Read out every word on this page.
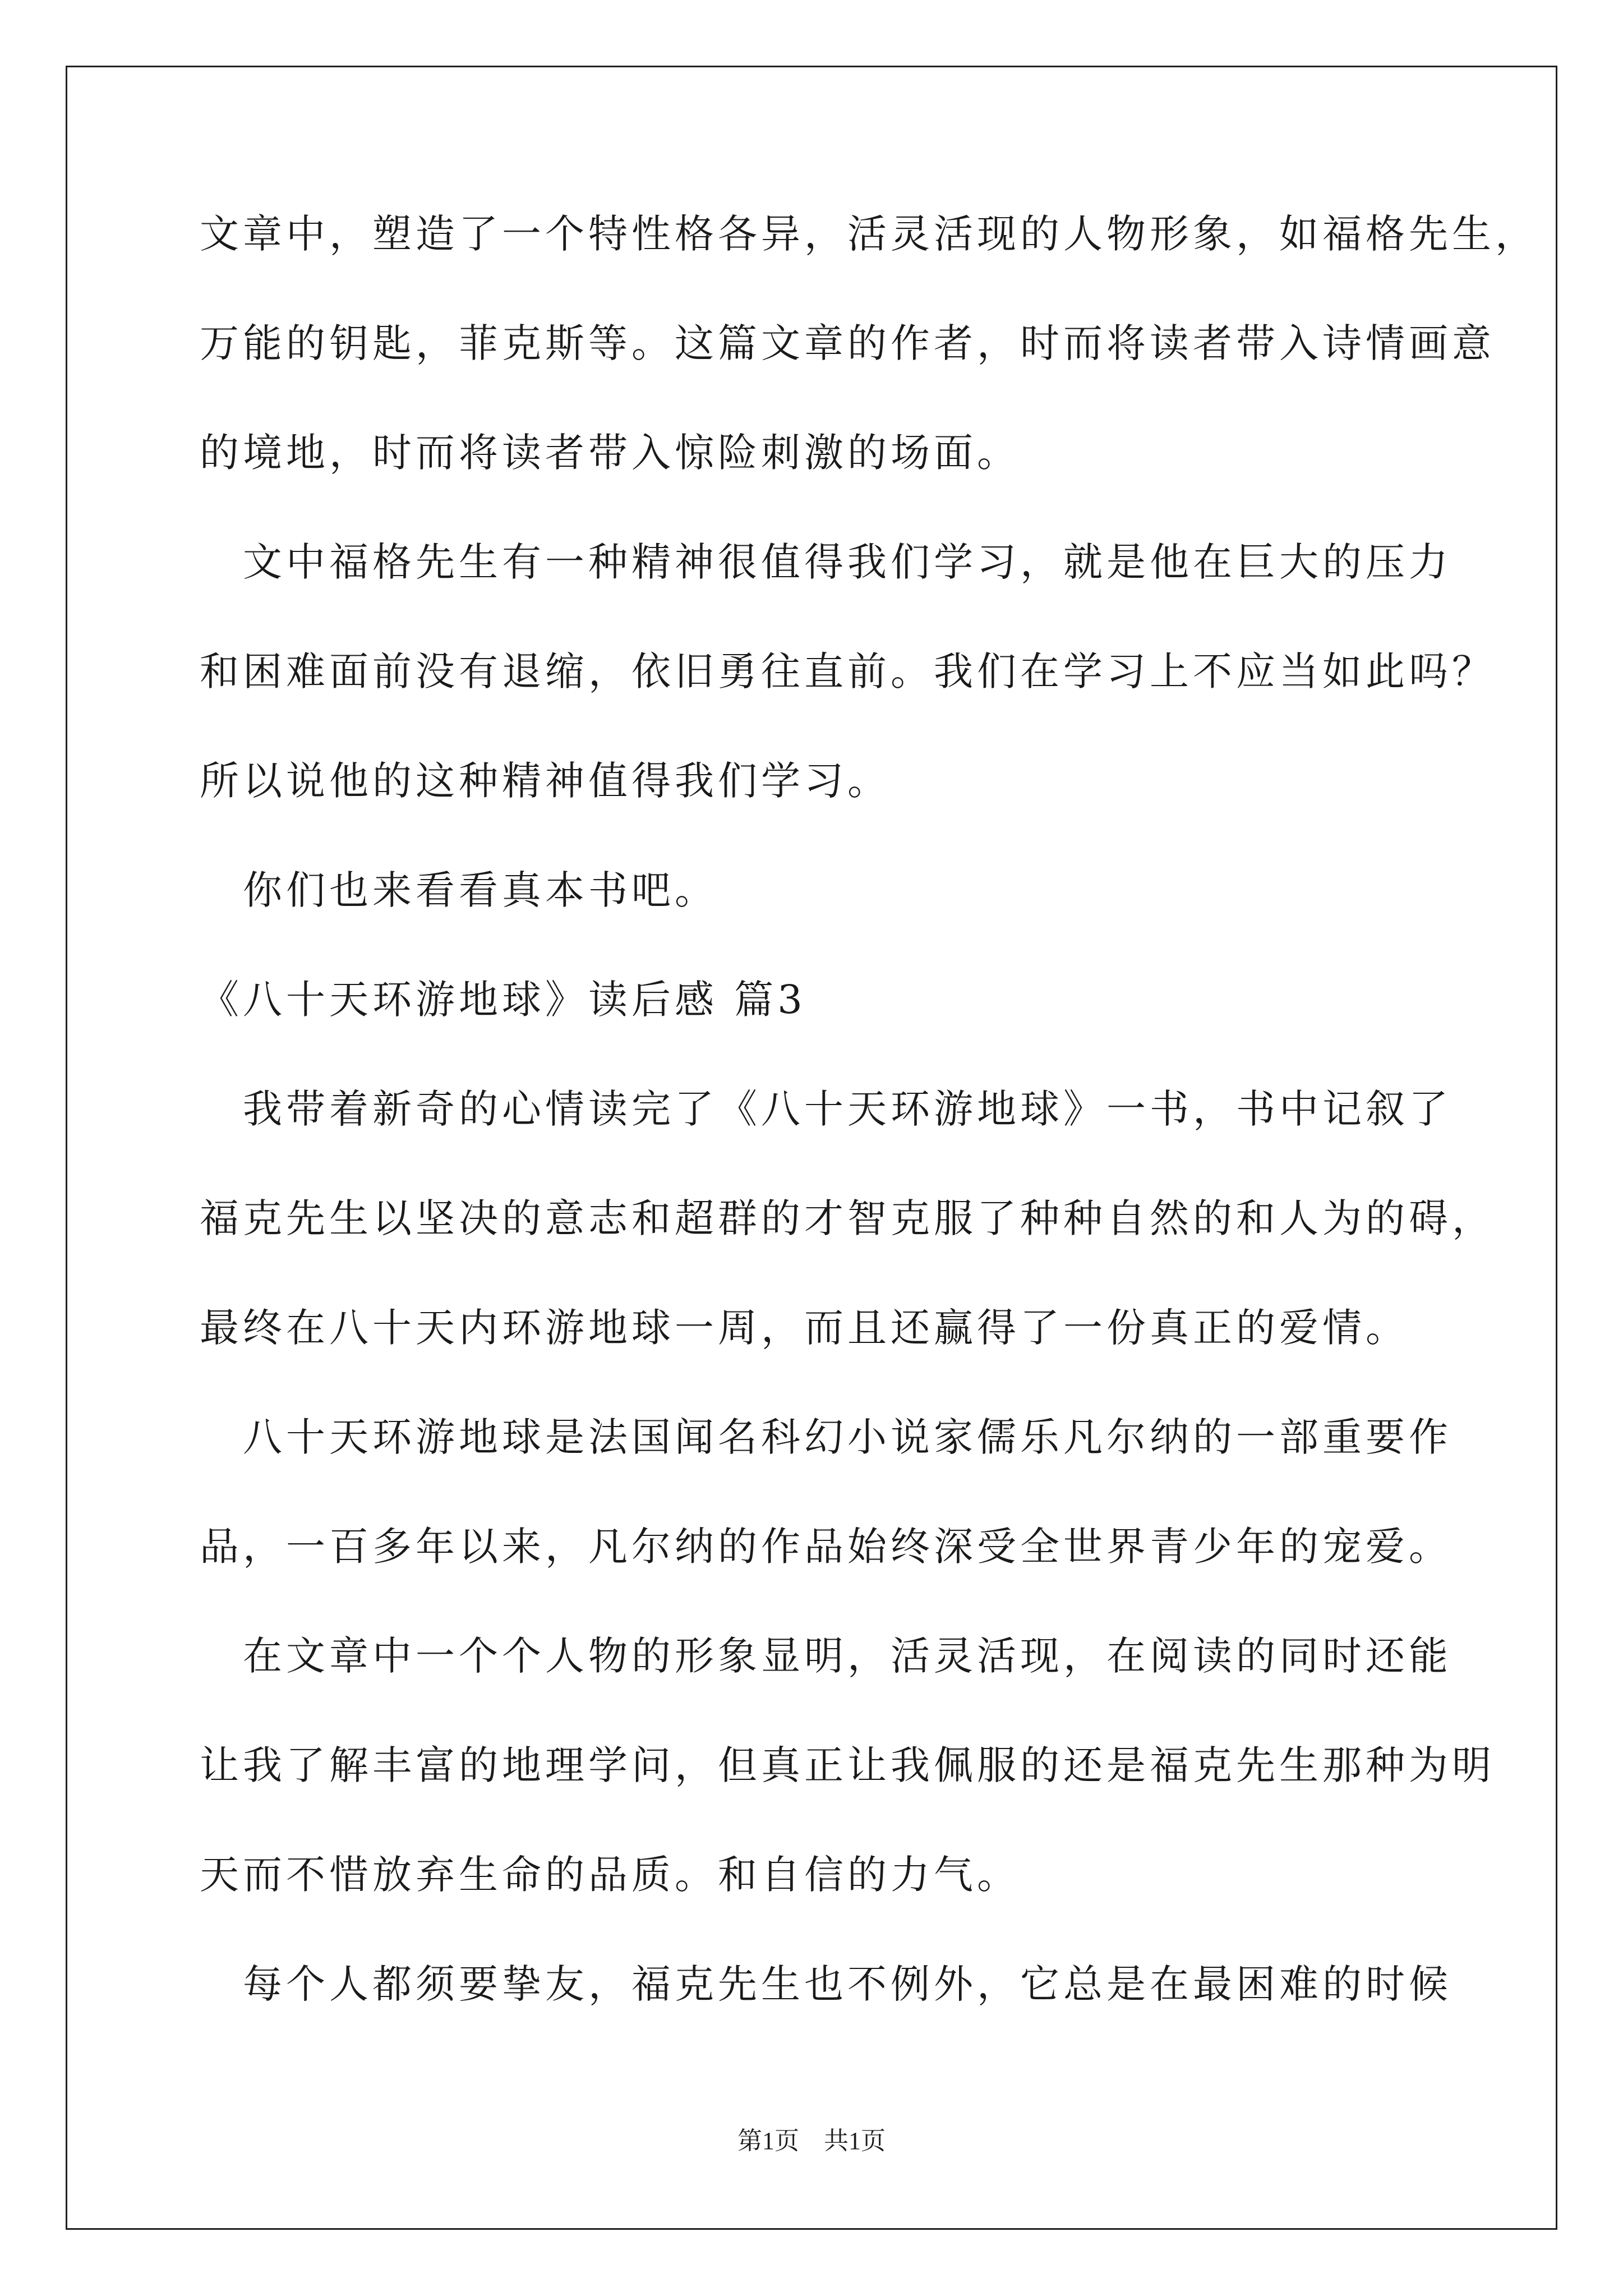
文章中，塑造了一个特性格各异，活灵活现的人物形象，如福格先生，
万能的钥匙，菲克斯等。这篇文章的作者，时而将读者带入诗情画意
的境地，时而将读者带入惊险刺激的场面。
　文中福格先生有一种精神很值得我们学习，就是他在巨大的压力
和困难面前没有退缩，依旧勇往直前。我们在学习上不应当如此吗？
所以说他的这种精神值得我们学习。
　你们也来看看真本书吧。
《八十天环游地球》读后感 篇3
　我带着新奇的心情读完了《八十天环游地球》一书，书中记叙了
福克先生以坚决的意志和超群的才智克服了种种自然的和人为的碍，
最终在八十天内环游地球一周，而且还赢得了一份真正的爱情。
　八十天环游地球是法国闻名科幻小说家儒乐凡尔纳的一部重要作
品，一百多年以来，凡尔纳的作品始终深受全世界青少年的宠爱。
　在文章中一个个人物的形象显明，活灵活现，在阅读的同时还能
让我了解丰富的地理学问，但真正让我佩服的还是福克先生那种为明
天而不惜放弃生命的品质。和自信的力气。
　每个人都须要挚友，福克先生也不例外，它总是在最困难的时候
第1页　共1页
